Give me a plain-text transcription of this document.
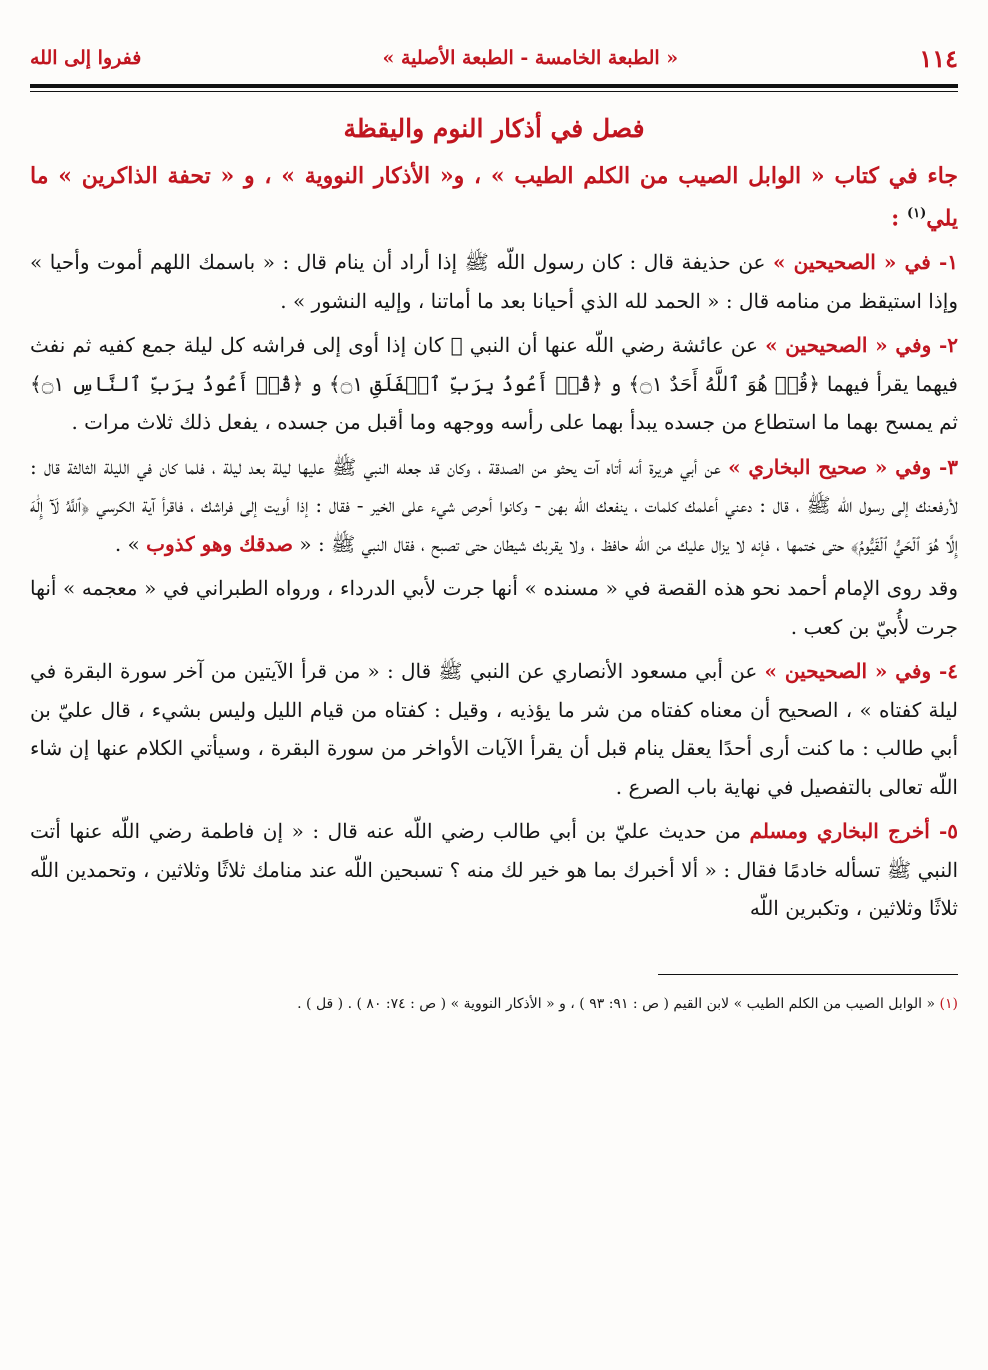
١١٤
« الطبعة الخامسة - الطبعة الأصلية »
ففروا إلى الله
فصل في أذكار النوم واليقظة
جاء في كتاب « الوابل الصيب من الكلم الطيب » ، و« الأذكار النووية » ، و « تحفة الذاكرين » ما يلي$^{(١)}$ :

١- في « الصحيحين » عن حذيفة قال : كان رسول اللّه ﷺ إذا أراد أن ينام قال : « باسمك اللهم أموت وأحيا » وإذا استيقظ من منامه قال : « الحمد لله الذي أحيانا بعد ما أماتنا ، وإليه النشور » .

٢- وفي « الصحيحين » عن عائشة رضي اللّه عنها أن النبي ﷺ كان إذا أوى إلى فراشه كل ليلة جمع كفيه ثم نفث فيهما يقرأ فيهما ﴿قُلۡ هُوَ ٱللَّهُ أَحَدٌ ۝١﴾ و ﴿قُلۡ أَعُوذُ بِرَبِّ ٱلۡفَلَقِ ۝١﴾ و ﴿قُلۡ أَعُوذُ بِرَبِّ ٱلنَّاسِ ۝١﴾ ثم يمسح بهما ما استطاع من جسده يبدأ بهما على رأسه ووجهه وما أقبل من جسده ، يفعل ذلك ثلاث مرات .

٣- وفي « صحيح البخاري » عن أبي هريرة أنه أتاه آت يحثو من الصدقة ، وكان قد جعله النبي ﷺ عليها ليلة بعد ليلة ، فلما كان في الليلة الثالثة قال : لأرفعنك إلى رسول اللّه ﷺ ، قال : دعني أعلمك كلمات ، ينفعك اللّه بهن - وكانوا أحرص شيء على الخير - فقال : إذا أويت إلى فراشك ، فاقرأ آية الكرسي ﴿ٱللَّهُ لَآ إِلَٰهَ إِلَّا هُوَ ٱلۡحَيُّ ٱلۡقَيُّومُ﴾ حتى ختمها ، فإنه لا يزال عليك من اللّه حافظ ، ولا يقربك شيطان حتى تصبح ، فقال النبي ﷺ : « صدقك وهو كذوب » .

وقد روى الإمام أحمد نحو هذه القصة في « مسنده » أنها جرت لأبي الدرداء ، ورواه الطبراني في « معجمه » أنها جرت لأُبيّ بن كعب .

٤- وفي « الصحيحين » عن أبي مسعود الأنصاري عن النبي ﷺ قال : « من قرأ الآيتين من آخر سورة البقرة في ليلة كفتاه » ، الصحيح أن معناه كفتاه من شر ما يؤذيه ، وقيل : كفتاه من قيام الليل وليس بشيء ، قال عليّ بن أبي طالب : ما كنت أرى أحدًا يعقل ينام قبل أن يقرأ الآيات الأواخر من سورة البقرة ، وسيأتي الكلام عنها إن شاء اللّه تعالى بالتفصيل في نهاية باب الصرع .

٥- أخرج البخاري ومسلم من حديث عليّ بن أبي طالب رضي اللّه عنه قال : « إن فاطمة رضي اللّه عنها أتت النبي ﷺ تسأله خادمًا فقال : « ألا أخبرك بما هو خير لك منه ؟ تسبحين اللّه عند منامك ثلاثًا وثلاثين ، وتحمدين اللّه ثلاثًا وثلاثين ، وتكبرين اللّه

(١) « الوابل الصيب من الكلم الطيب » لابن القيم ( ص : ٩١: ٩٣ ) ، و « الأذكار النووية » ( ص : ٧٤: ٨٠ ) . ( قل ) .
